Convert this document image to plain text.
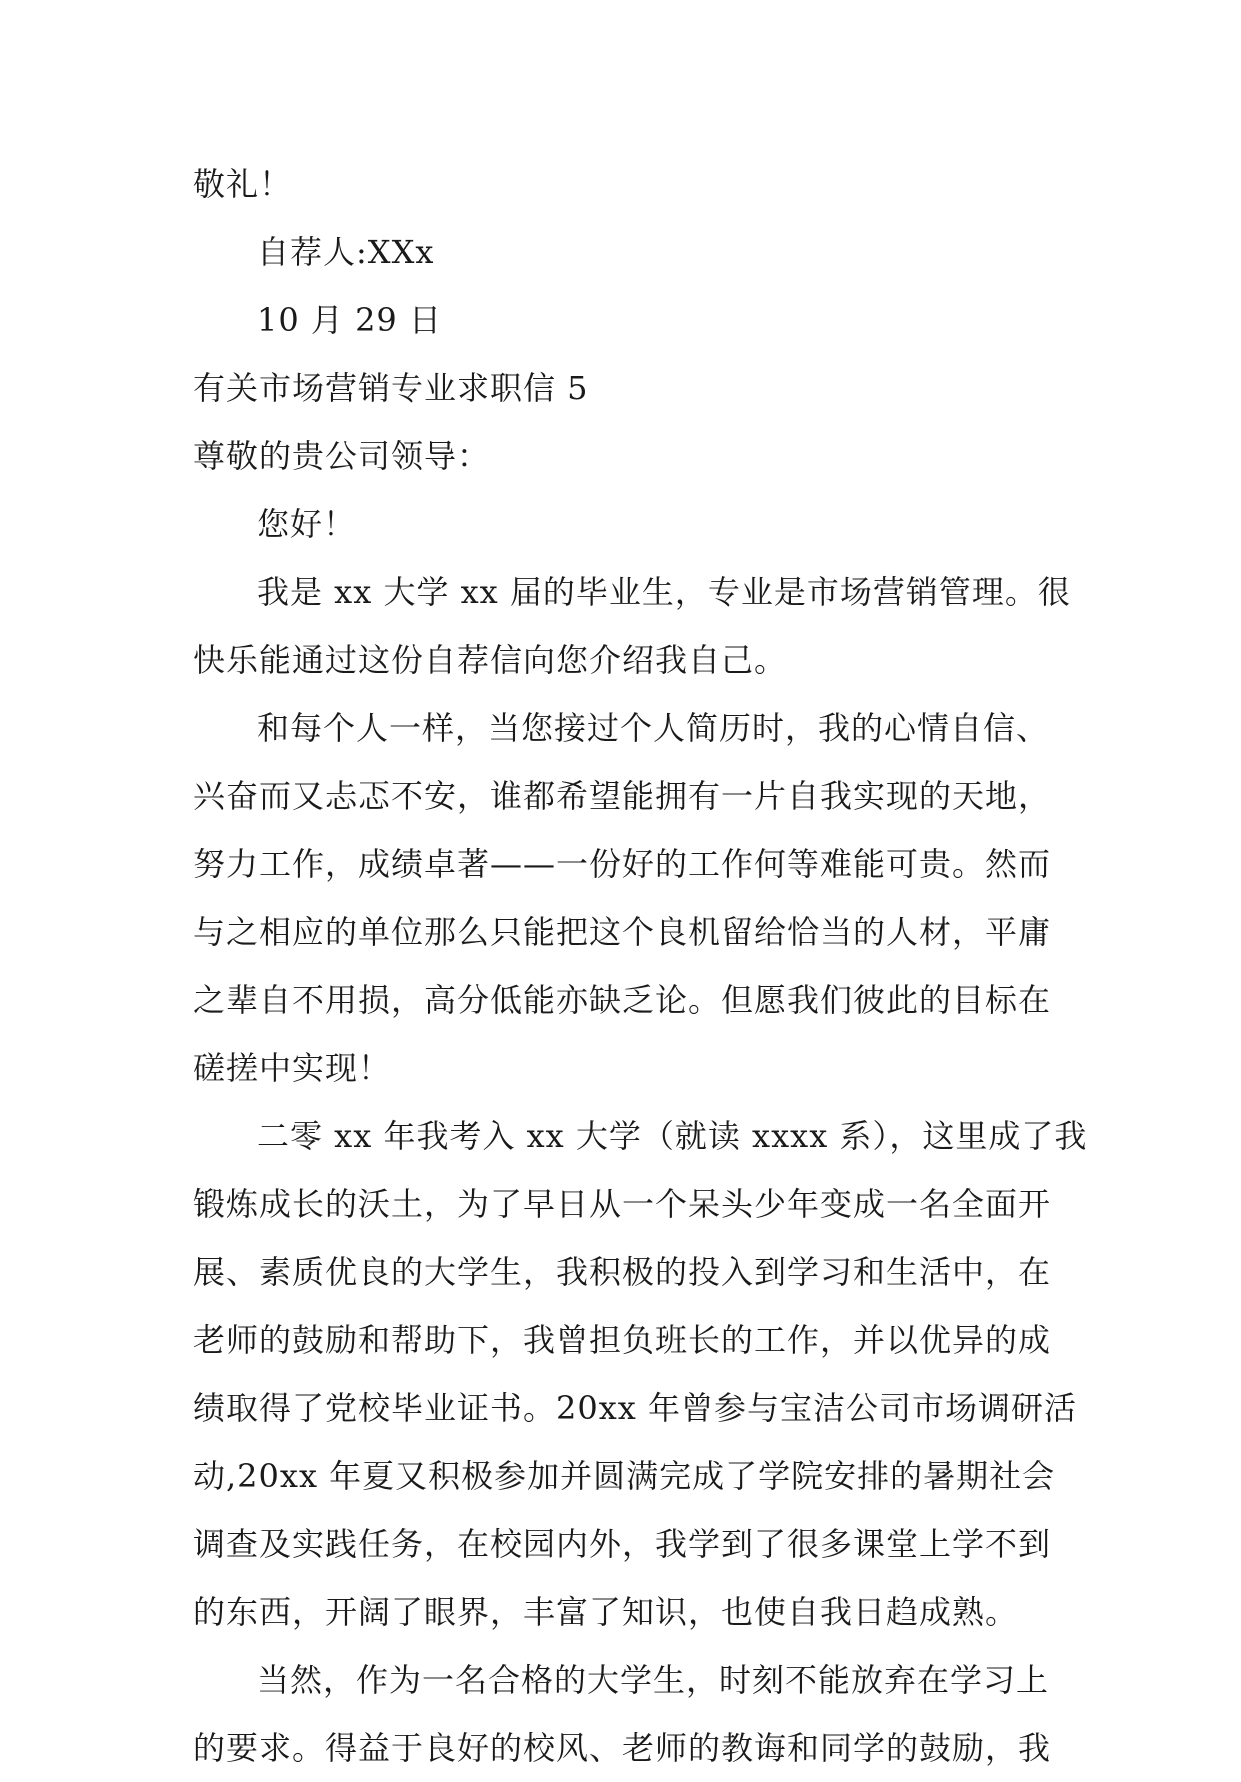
敬礼！
自荐人:XXx
10 月 29 日
有关市场营销专业求职信 5
尊敬的贵公司领导：
您好！
我是 xx 大学 xx 届的毕业生，专业是市场营销管理。很
快乐能通过这份自荐信向您介绍我自己。
和每个人一样，当您接过个人简历时，我的心情自信、
兴奋而又忐忑不安，谁都希望能拥有一片自我实现的天地，
努力工作，成绩卓著——一份好的工作何等难能可贵。然而
与之相应的单位那么只能把这个良机留给恰当的人材，平庸
之辈自不用损，高分低能亦缺乏论。但愿我们彼此的目标在
磋搓中实现！
二零 xx 年我考入 xx 大学（就读 xxxx 系），这里成了我
锻炼成长的沃土，为了早日从一个呆头少年变成一名全面开
展、素质优良的大学生，我积极的投入到学习和生活中，在
老师的鼓励和帮助下，我曾担负班长的工作，并以优异的成
绩取得了党校毕业证书。20xx 年曾参与宝洁公司市场调研活
动,20xx 年夏又积极参加并圆满完成了学院安排的暑期社会
调查及实践任务，在校园内外，我学到了很多课堂上学不到
的东西，开阔了眼界，丰富了知识，也使自我日趋成熟。
当然，作为一名合格的大学生，时刻不能放弃在学习上
的要求。得益于良好的校风、老师的教诲和同学的鼓励，我
